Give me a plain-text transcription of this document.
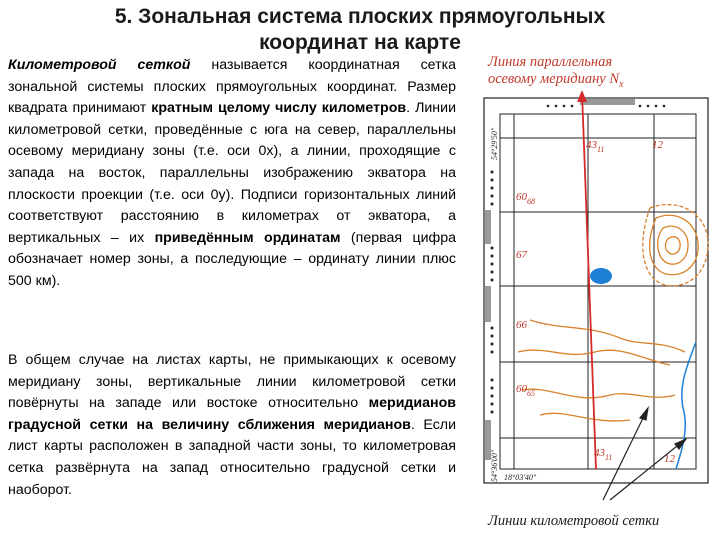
5. Зональная система плоских прямоугольных
координат на карте
Километровой сеткой называется координатная сетка зональной системы плоских прямоугольных координат. Размер квадрата принимают кратным целому числу километров. Линии километровой сетки, проведённые с юга на север, параллельны осевому меридиану зоны (т.е. оси 0х), а линии, проходящие с запада на восток, параллельны изображению экватора на плоскости проекции (т.е. оси 0у). Подписи горизонтальных линий соответствуют расстоянию в километрах от экватора, а вертикальных – их приведённым ординатам (первая цифра обозначает номер зоны, а последующие – ординату линии плюс 500 км).
В общем случае на листах карты, не примыкающих к осевому меридиану зоны, вертикальные линии километровой сетки повёрнуты на западе или востоке относительно меридианов градусной сетки на величину сближения меридианов. Если лист карты расположен в западной части зоны, то километровая сетка развёрнута на запад относительно градусной сетки и наоборот.
Линия параллельная
осевому меридиану $N_x$
$43_{11}$	12
$60_{68}$
67
66
$60_{65}$
$43_{11}$	12
54°29'50"
54°36'00" 18°03'40"
Линии километровой сетки
